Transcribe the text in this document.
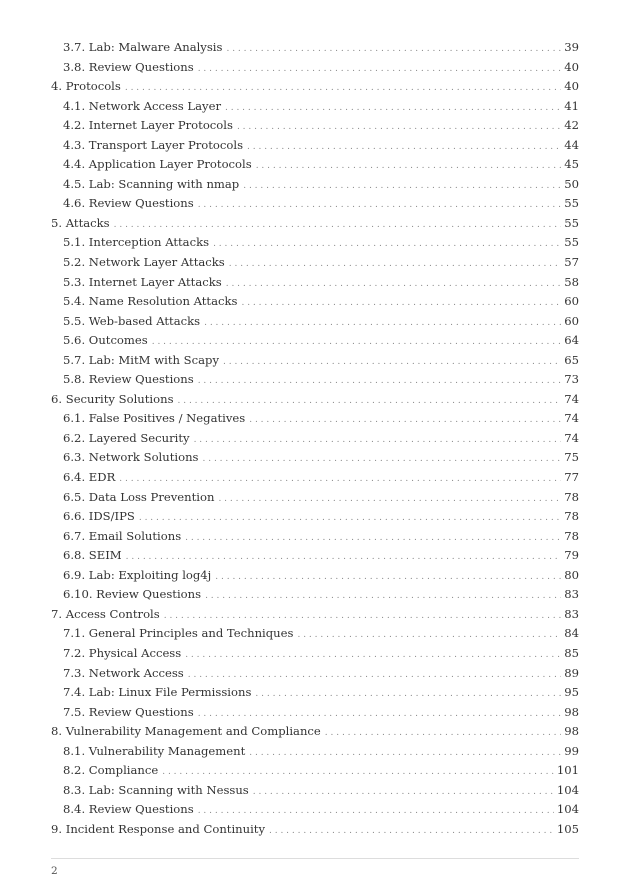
3.7. Lab: Malware Analysis . . .	39
3.8. Review Questions . . .	40
4. Protocols . . .	40
4.1. Network Access Layer . . .	41
4.2. Internet Layer Protocols . . .	42
4.3. Transport Layer Protocols . . .	44
4.4. Application Layer Protocols . . .	45
4.5. Lab: Scanning with nmap . . .	50
4.6. Review Questions . . .	55
5. Attacks . . .	55
5.1. Interception Attacks . . .	55
5.2. Network Layer Attacks . . .	57
5.3. Internet Layer Attacks . . .	58
5.4. Name Resolution Attacks . . .	60
5.5. Web-based Attacks . . .	60
5.6. Outcomes . . .	64
5.7. Lab: MitM with Scapy . . .	65
5.8. Review Questions . . .	73
6. Security Solutions . . .	74
6.1. False Positives / Negatives . . .	74
6.2. Layered Security . . .	74
6.3. Network Solutions . . .	75
6.4. EDR . . .	77
6.5. Data Loss Prevention . . .	78
6.6. IDS/IPS . . .	78
6.7. Email Solutions . . .	78
6.8. SEIM . . .	79
6.9. Lab: Exploiting log4j . . .	80
6.10. Review Questions . . .	83
7. Access Controls . . .	83
7.1. General Principles and Techniques . . .	84
7.2. Physical Access . . .	85
7.3. Network Access . . .	89
7.4. Lab: Linux File Permissions . . .	95
7.5. Review Questions . . .	98
8. Vulnerability Management and Compliance . . .	98
8.1. Vulnerability Management . . .	99
8.2. Compliance . . .	101
8.3. Lab: Scanning with Nessus . . .	104
8.4. Review Questions . . .	104
9. Incident Response and Continuity . . .	105
2
